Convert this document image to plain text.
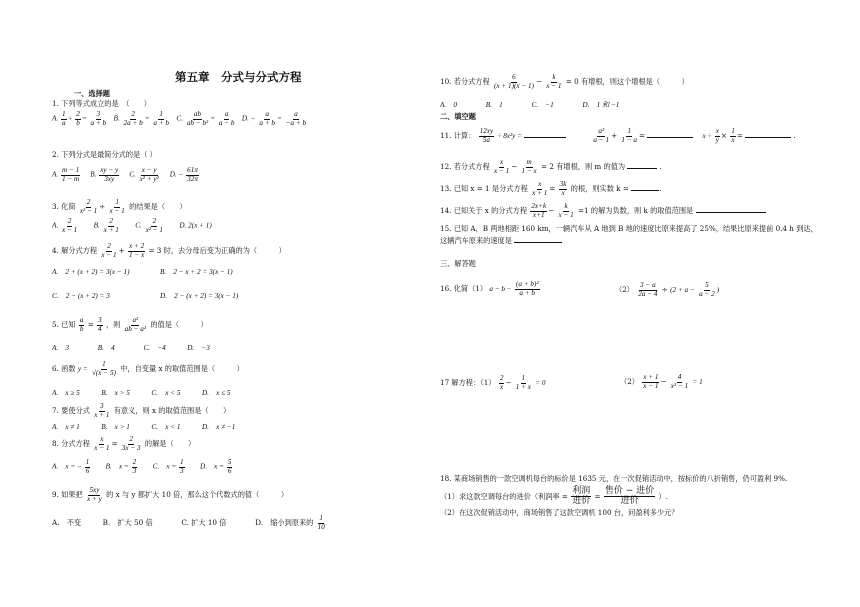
第五章　分式与分式方程
一、选择题
1. 下列等式成立的是　（　　）
A. $\frac{1}{a} + \frac{2}{b} = \frac{3}{a + b} B$. $\frac{2}{2a + b} = \frac{1}{a + b} C$. $\frac{ab}{\text{ab − b²}} = \frac{a}{a - b} D$. − $\frac{a}{a + b} = \frac{a}{-a + b}$
2. 下列分式是最简分式的是（ ）
A. $\frac{m - 1}{1 - m} B$. $\frac{xy - y}{3xy} C$. $\frac{x - y}{\text{x² + y²}} D$. − $\frac{61\pi}{32\pi}$
3. 化简 $\frac{2}{\text{x² − 1}} \div \frac{1}{x - 1}$ 的结果是（　　）
A. $\frac{2}{x - 1} B$. $\frac{2}{x + 1} C$. $\frac{2}{\text{x² − 1}} D$. 2(x + 1)
4. 解分式方程 $\frac{2}{x - 1} + \frac{x + 2}{1 - x} = 3$ 时，去分母后变为正确的为（　　　）
A.　2 + (x + 2) = 3(x − 1)	B.　2 − x + 2 = 3(x − 1)
C.　2 − (x + 2) = 3	D.　2 − (x + 2) = 3(x − 1)
5. 已知 $\frac{a}{b} = \frac{3}{4}$ ，则 $\frac{\text{a²}}{\text{ab − a²}}$ 的值是（　　　）
A.　3　　　　B.　4　　　　C.　−4　　　D.　−3
6. 函数 $y = \frac{1}{√(x - 5)}$ 中，自变量 x 的取值范围是（　　　）
A.　x ≥ 5　　　B.　x > 5　　　C.　x < 5　　　D.　x ≤ 5
7. 要使分式 $\frac{3}{x + 1}$ 有意义，则 x 的取值范围是（　　）
A.　x ≠ 1　　　B.　x > 1　　　C.　x < 1　　　D.　x ≠ −1
8. 分式方程 $\frac{x}{x - 1} = \frac{2}{3x - 3}$ 的解是（　　）
A.　x = − $\frac{1}{6} B$.　$x = \frac{2}{3} C$.　$x = \frac{1}{3} D$.　$x = \frac{5}{6}$
9. 如果把 $\frac{5xy}{x + y}$ 的 x 与 y 都扩大 10 倍，那么这个代数式的值（　　　）
A.　不变　　　B.　扩大 50 倍　　　　C. 扩大 10 倍　　　　D.　缩小到原来的 $\frac{1}{10}$
10. 若分式方程 $\frac{6}{(x + 1)(x - 1)} - \frac{k}{x - 1} = 0$ 有增根，则这个增根是（　　　）
A.　0　　　　B.　1　　　　C.　−1　　　　D.　1 和 −1
二、填空题
11. 计算： $\frac{12xy}{5a} \div 8x^2y$ =	$\frac{\text{a²}}{a - 1} + \frac{1}{1 - a}$ =	$x \div \frac{x}{y} \times \frac{1}{x}$ =	.
12. 若分式方程 $\frac{x}{x - 1} - \frac{m}{1 - x} = 2$ 有增根，则 m 的值为	.
13. 已知 x = 1 是分式方程 $\frac{x}{x + 1} = \frac{3k}{x}$ 的根，则实数 k =	.
14. 已知关于 x 的分式方程 $\frac{2x+k}{x+1} - \frac{k}{x - 1} =1$ 的解为负数，则 k 的取值范围是
15. 已知 A，B 两地相距 160 km，一辆汽车从 A 地到 B 地的速度比原来提高了 25%，结果比原来提前 0.4 h 到达，
这辆汽车原来的速度是
三、解答题
16. 化简（1） $a - b - \frac{\text{(a + b)²}}{a + b}$	$(2) \frac{3 - a}{2a - 4} \div (2 + a - \frac{5}{a - 2}$ )
17 解方程：$(1) \frac{2}{x} - \frac{1}{1 + x} = 0$	$(2) \frac{x + 1}{x - 1} - \frac{4}{\text{x² − 1}} = 1$
18. 某商场销售的一款空调机每台的标价是 1635 元，在一次促销活动中，按标价的八折销售，仍可盈利 9%.
（1）求这款空调每台的进价（利润率 = $\frac{\text{利润}}{\text{进价}} = \frac{\text{售价 − 进价}}{\text{进价}}$ ）.
（2）在这次促销活动中，商场销售了这款空调机 100 台，问盈利多少元？
